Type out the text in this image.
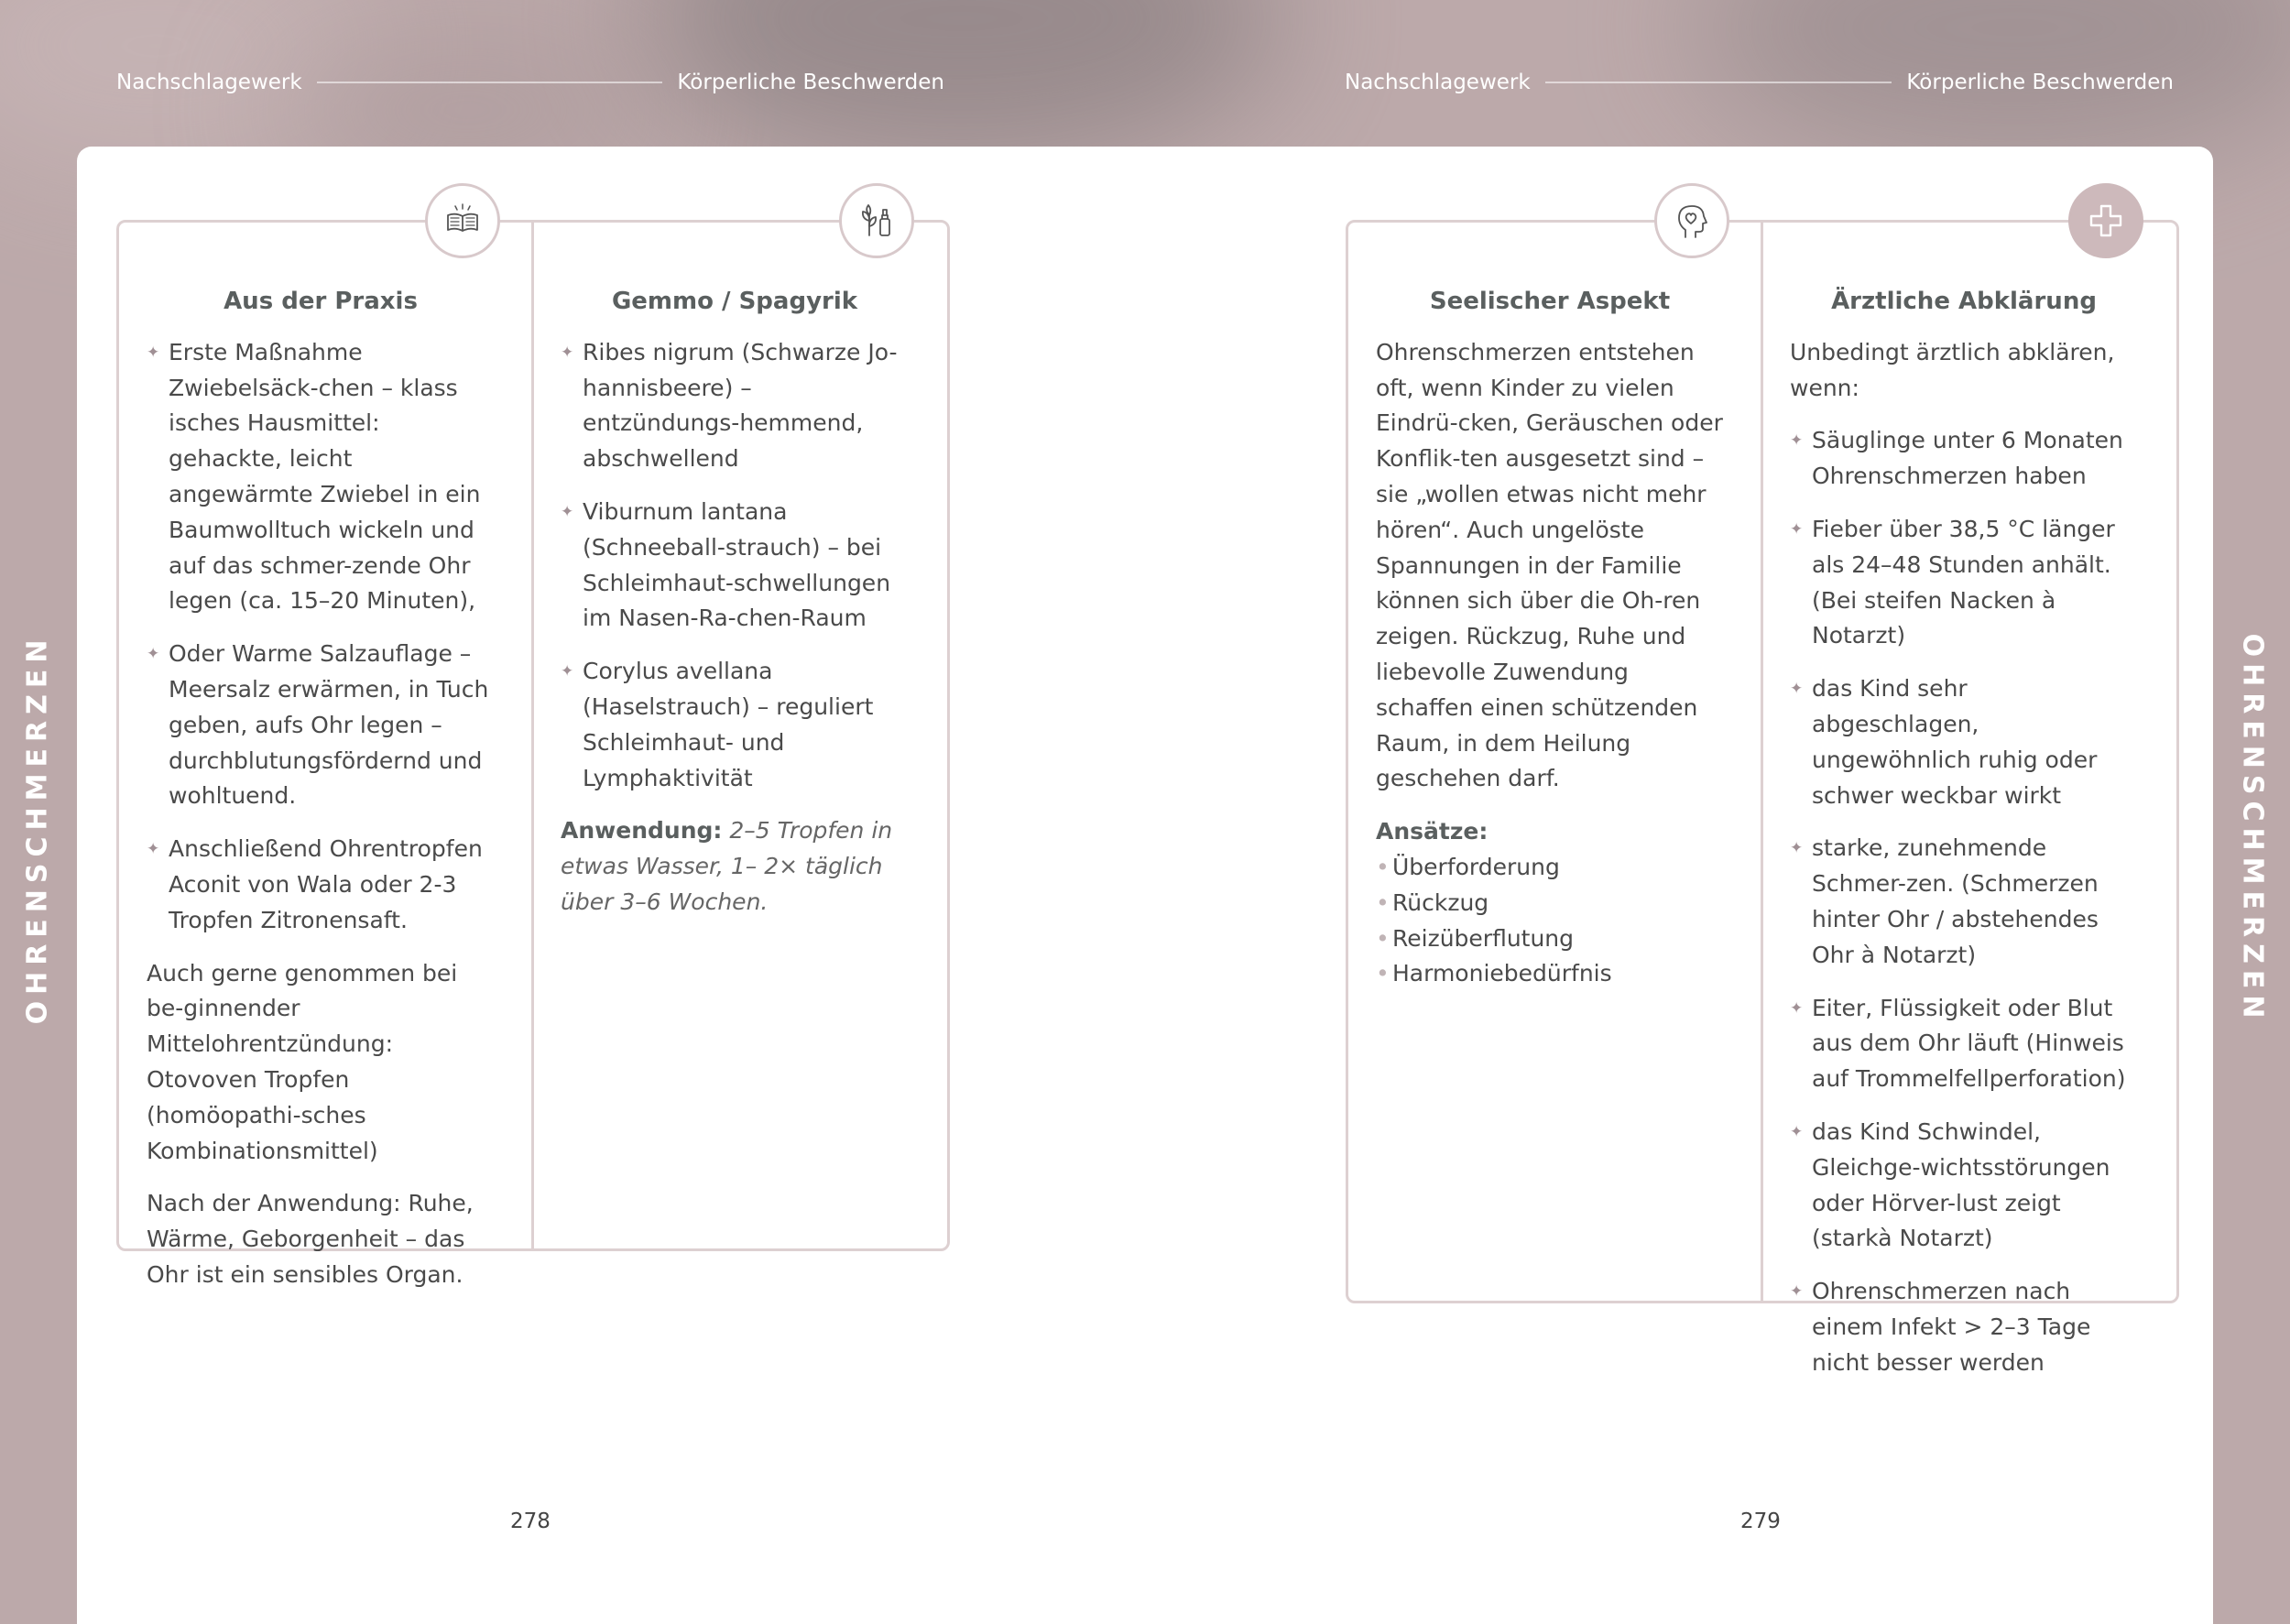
Nachschlagewerk	Körperliche Beschwerden	Nachschlagewerk	Körperliche Beschwerden
OHRENSCHMERZEN	OHRENSCHMERZEN
Aus der Praxis
✦ Erste Maßnahme Zwiebelsäck-chen – klass isches Hausmittel: gehackte, leicht angewärmte Zwiebel in ein Baumwolltuch wickeln und auf das schmer-zende Ohr legen (ca. 15–20 Minuten),
✦ Oder Warme Salzauflage – Meersalz erwärmen, in Tuch geben, aufs Ohr legen – durchblutungsfördernd und wohltuend.
✦ Anschließend Ohrentropfen Aconit von Wala oder 2-3 Tropfen Zitronensaft.
Auch gerne genommen bei be-ginnender Mittelohrentzündung: Otovoven Tropfen (homöopathi-sches Kombinationsmittel)
Nach der Anwendung: Ruhe, Wärme, Geborgenheit – das Ohr ist ein sensibles Organ.
Gemmo / Spagyrik
✦ Ribes nigrum (Schwarze Jo-hannisbeere) – entzündungs-hemmend, abschwellend
✦ Viburnum lantana (Schneeball-strauch) – bei Schleimhaut-schwellungen im Nasen-Ra-chen-Raum
✦ Corylus avellana (Haselstrauch) – reguliert Schleimhaut- und Lymphaktivität
Anwendung: 2–5 Tropfen in etwas Wasser, 1– 2× täglich über 3–6 Wochen.
Seelischer Aspekt
Ohrenschmerzen entstehen oft, wenn Kinder zu vielen Eindrü-cken, Geräuschen oder Konflik-ten ausgesetzt sind – sie „wollen etwas nicht mehr hören“. Auch ungelöste Spannungen in der Familie können sich über die Oh-ren zeigen. Rückzug, Ruhe und liebevolle Zuwendung schaffen einen schützenden Raum, in dem Heilung geschehen darf.
Ansätze:
• Überforderung
• Rückzug
• Reizüberflutung
• Harmoniebedürfnis
Ärztliche Abklärung
Unbedingt ärztlich abklären, wenn:
✦ Säuglinge unter 6 Monaten Ohrenschmerzen haben
✦ Fieber über 38,5 °C länger als 24–48 Stunden anhält. (Bei steifen Nacken à Notarzt)
✦ das Kind sehr abgeschlagen, ungewöhnlich ruhig oder schwer weckbar wirkt
✦ starke, zunehmende Schmer-zen. (Schmerzen hinter Ohr / abstehendes Ohr à Notarzt)
✦ Eiter, Flüssigkeit oder Blut aus dem Ohr läuft (Hinweis auf Trommelfellperforation)
✦ das Kind Schwindel, Gleichge-wichtsstörungen oder Hörver-lust zeigt (starkà Notarzt)
✦ Ohrenschmerzen nach einem Infekt > 2–3 Tage nicht besser werden
278	279
